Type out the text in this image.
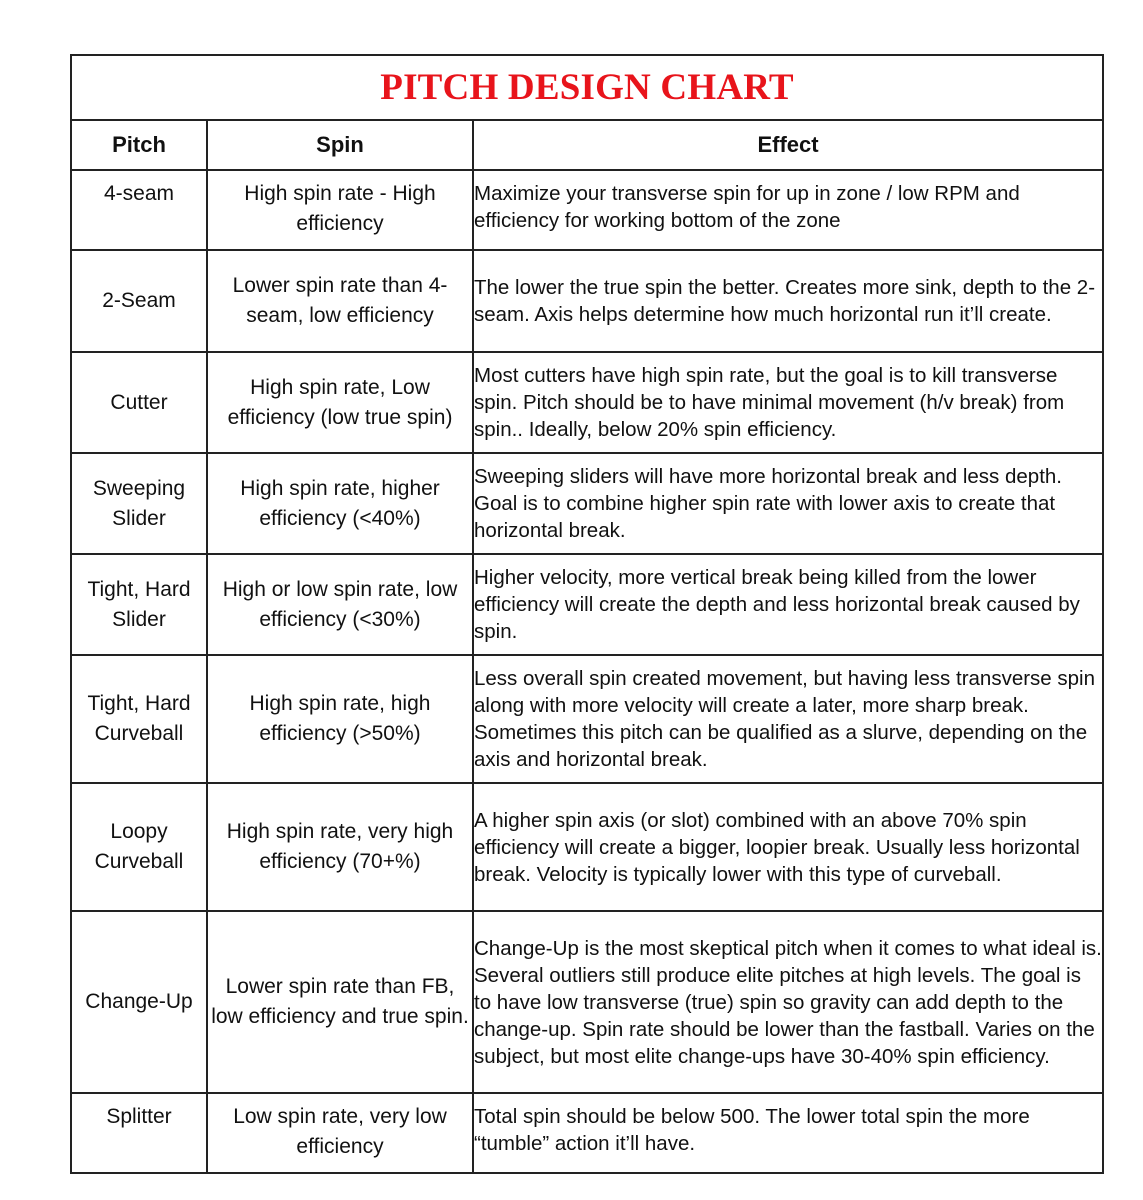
PITCH DESIGN CHART		
Pitch	Spin	Effect
4-seam	High spin rate - High efficiency	Maximize your transverse spin for up in zone / low RPM and efficiency for working bottom of the zone
2-Seam	Lower spin rate than 4-seam, low efficiency	The lower the true spin the better. Creates more sink, depth to the 2-seam. Axis helps determine how much horizontal run it’ll create.
Cutter	High spin rate, Low efficiency (low true spin)	Most cutters have high spin rate, but the goal is to kill transverse spin. Pitch should be to have minimal movement (h/v break) from spin.. Ideally, below 20% spin efficiency.
Sweeping Slider	High spin rate, higher efficiency (<40%)	Sweeping sliders will have more horizontal break and less depth. Goal is to combine higher spin rate with lower axis to create that horizontal break.
Tight, Hard Slider	High or low spin rate, low efficiency (<30%)	Higher velocity, more vertical break being killed from the lower efficiency will create the depth and less horizontal break caused by spin.
Tight, Hard Curveball	High spin rate, high efficiency (>50%)	Less overall spin created movement, but having less transverse spin along with more velocity will create a later, more sharp break. Sometimes this pitch can be qualified as a slurve, depending on the axis and horizontal break.
Loopy Curveball	High spin rate, very high efficiency (70+%)	A higher spin axis (or slot) combined with an above 70% spin efficiency will create a bigger, loopier break. Usually less horizontal break. Velocity is typically lower with this type of curveball.
Change-Up	Lower spin rate than FB, low efficiency and true spin.	Change-Up is the most skeptical pitch when it comes to what ideal is. Several outliers still produce elite pitches at high levels. The goal is to have low transverse (true) spin so gravity can add depth to the change-up. Spin rate should be lower than the fastball. Varies on the subject, but most elite change-ups have 30-40% spin efficiency.
Splitter	Low spin rate, very low efficiency	Total spin should be below 500. The lower total spin the more “tumble” action it’ll have.
